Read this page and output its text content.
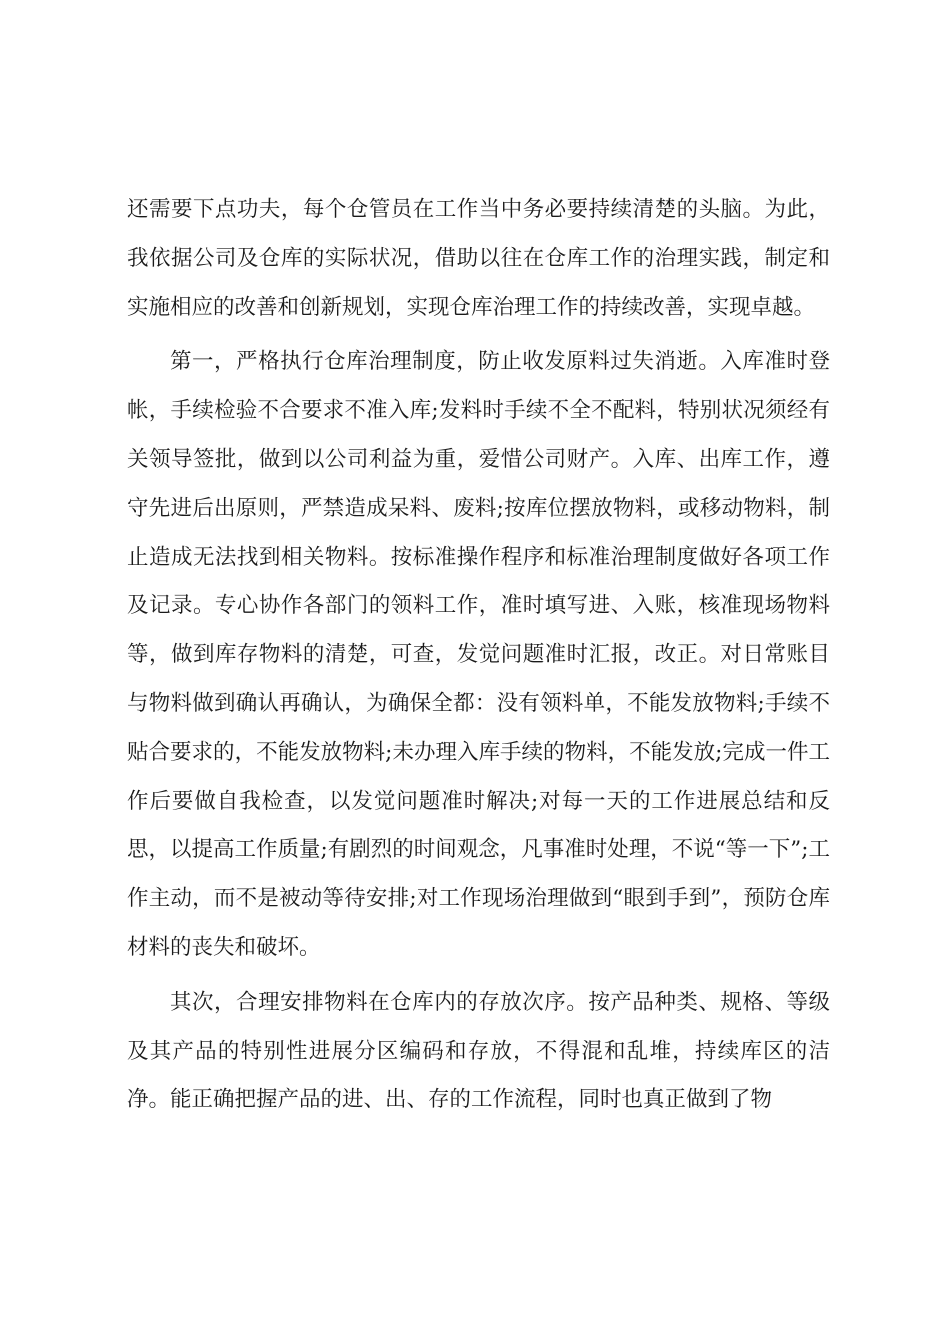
还需要下点功夫，每个仓管员在工作当中务必要持续清楚的头脑。为此，我依据公司及仓库的实际状况，借助以往在仓库工作的治理实践，制定和实施相应的改善和创新规划，实现仓库治理工作的持续改善，实现卓越。

第一，严格执行仓库治理制度，防止收发原料过失消逝。入库准时登帐，手续检验不合要求不准入库;发料时手续不全不配料，特别状况须经有关领导签批，做到以公司利益为重，爱惜公司财产。入库、出库工作，遵守先进后出原则，严禁造成呆料、废料;按库位摆放物料，或移动物料，制止造成无法找到相关物料。按标准操作程序和标准治理制度做好各项工作及记录。专心协作各部门的领料工作，准时填写进、入账，核准现场物料等，做到库存物料的清楚，可查，发觉问题准时汇报，改正。对日常账目与物料做到确认再确认，为确保全都：没有领料单，不能发放物料;手续不贴合要求的，不能发放物料;未办理入库手续的物料，不能发放;完成一件工作后要做自我检查，以发觉问题准时解决;对每一天的工作进展总结和反思，以提高工作质量;有剧烈的时间观念，凡事准时处理，不说“等一下”;工作主动，而不是被动等待安排;对工作现场治理做到“眼到手到”，预防仓库材料的丧失和破坏。

其次，合理安排物料在仓库内的存放次序。按产品种类、规格、等级及其产品的特别性进展分区编码和存放，不得混和乱堆，持续库区的洁净。能正确把握产品的进、出、存的工作流程，同时也真正做到了物
